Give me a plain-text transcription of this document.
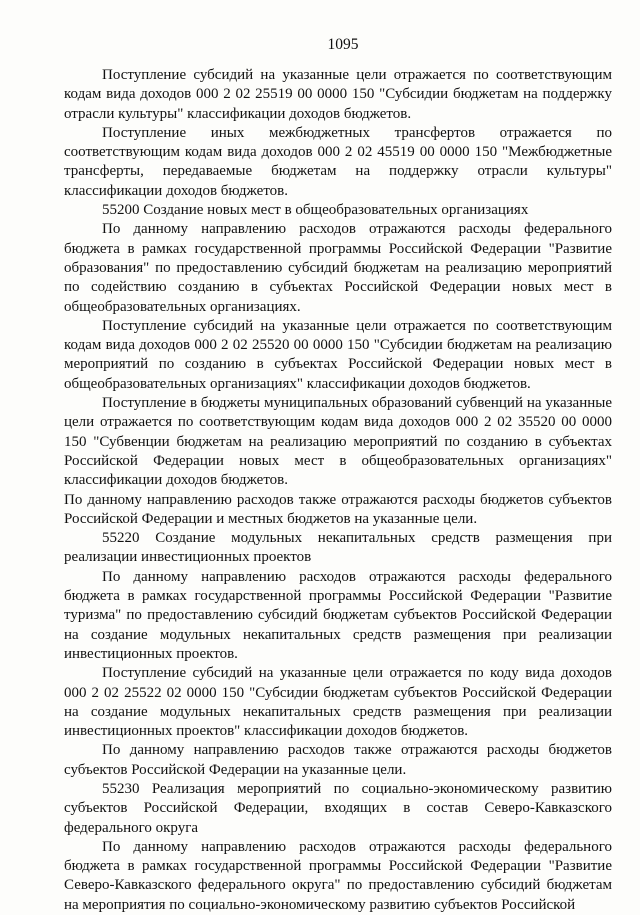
1095

Поступление субсидий на указанные цели отражается по соответствующим кодам вида доходов 000 2 02 25519 00 0000 150 "Субсидии бюджетам на поддержку отрасли культуры" классификации доходов бюджетов.

Поступление иных межбюджетных трансфертов отражается по соответствующим кодам вида доходов 000 2 02 45519 00 0000 150 "Межбюджетные трансферты, передаваемые бюджетам на поддержку отрасли культуры" классификации доходов бюджетов.

55200 Создание новых мест в общеобразовательных организациях

По данному направлению расходов отражаются расходы федерального бюджета в рамках государственной программы Российской Федерации "Развитие образования" по предоставлению субсидий бюджетам на реализацию мероприятий по содействию созданию в субъектах Российской Федерации новых мест в общеобразовательных организациях.

Поступление субсидий на указанные цели отражается по соответствующим кодам вида доходов 000 2 02 25520 00 0000 150 "Субсидии бюджетам на реализацию мероприятий по созданию в субъектах Российской Федерации новых мест в общеобразовательных организациях" классификации доходов бюджетов.

Поступление в бюджеты муниципальных образований субвенций на указанные цели отражается по соответствующим кодам вида доходов 000 2 02 35520 00 0000 150 "Субвенции бюджетам на реализацию мероприятий по созданию в субъектах Российской Федерации новых мест в общеобразовательных организациях" классификации доходов бюджетов.

По данному направлению расходов также отражаются расходы бюджетов субъектов Российской Федерации и местных бюджетов на указанные цели.

55220 Создание модульных некапитальных средств размещения при реализации инвестиционных проектов

По данному направлению расходов отражаются расходы федерального бюджета в рамках государственной программы Российской Федерации "Развитие туризма" по предоставлению субсидий бюджетам субъектов Российской Федерации на создание модульных некапитальных средств размещения при реализации инвестиционных проектов.

Поступление субсидий на указанные цели отражается по коду вида доходов 000 2 02 25522 02 0000 150 "Субсидии бюджетам субъектов Российской Федерации на создание модульных некапитальных средств размещения при реализации инвестиционных проектов" классификации доходов бюджетов.

По данному направлению расходов также отражаются расходы бюджетов субъектов Российской Федерации на указанные цели.

55230 Реализация мероприятий по социально-экономическому развитию субъектов Российской Федерации, входящих в состав Северо-Кавказского федерального округа

По данному направлению расходов отражаются расходы федерального бюджета в рамках государственной программы Российской Федерации "Развитие Северо-Кавказского федерального округа" по предоставлению субсидий бюджетам на мероприятия по социально-экономическому развитию субъектов Российской
